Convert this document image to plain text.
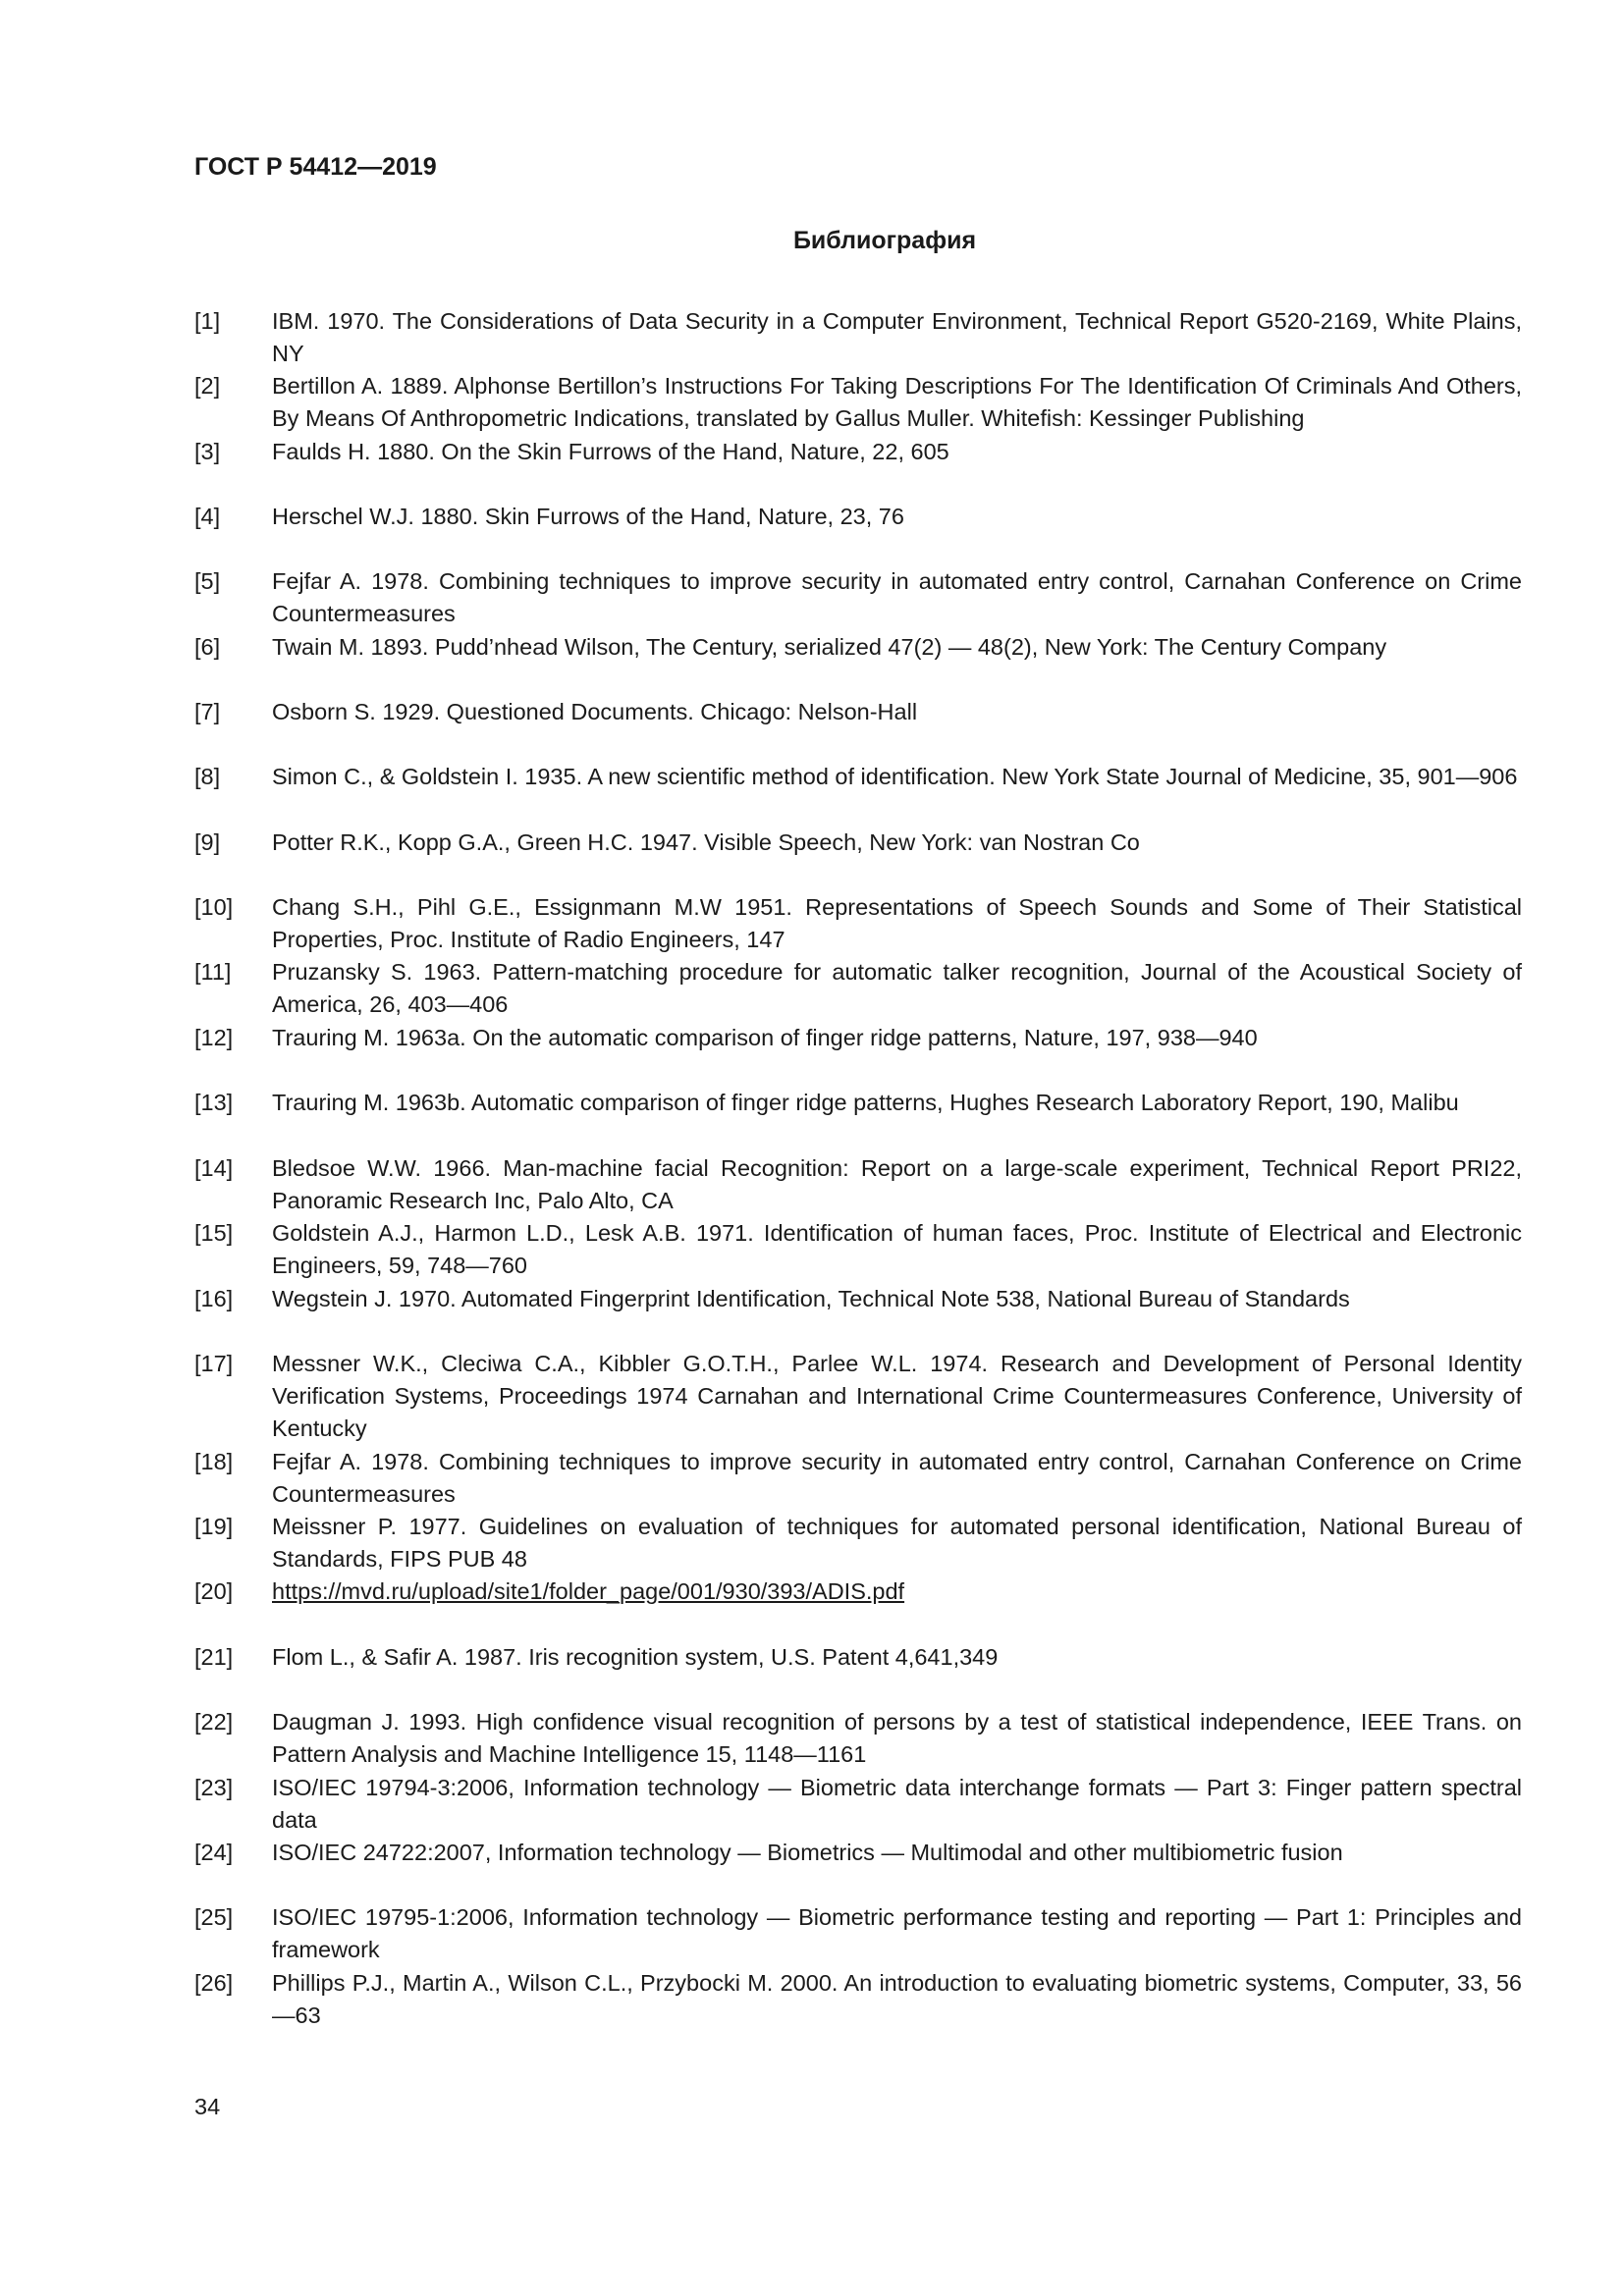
ГОСТ Р 54412—2019
Библиография
[1] IBM. 1970. The Considerations of Data Security in a Computer Environment, Technical Report G520-2169, White Plains, NY
[2] Bertillon A. 1889. Alphonse Bertillon’s Instructions For Taking Descriptions For The Identification Of Criminals And Others, By Means Of Anthropometric Indications, translated by Gallus Muller. Whitefish: Kessinger Publishing
[3] Faulds H. 1880. On the Skin Furrows of the Hand, Nature, 22, 605
[4] Herschel W.J. 1880. Skin Furrows of the Hand, Nature, 23, 76
[5] Fejfar A. 1978. Combining techniques to improve security in automated entry control, Carnahan Conference on Crime Countermeasures
[6] Twain M. 1893. Pudd’nhead Wilson, The Century, serialized 47(2) — 48(2), New York: The Century Company
[7] Osborn S. 1929. Questioned Documents. Chicago: Nelson-Hall
[8] Simon C., & Goldstein I. 1935. A new scientific method of identification. New York State Journal of Medicine, 35, 901—906
[9] Potter R.K., Kopp G.A., Green H.C. 1947. Visible Speech, New York: van Nostran Co
[10] Chang S.H., Pihl G.E., Essignmann M.W 1951. Representations of Speech Sounds and Some of Their Statistical Properties, Proc. Institute of Radio Engineers, 147
[11] Pruzansky S. 1963. Pattern-matching procedure for automatic talker recognition, Journal of the Acoustical Society of America, 26, 403—406
[12] Trauring M. 1963a. On the automatic comparison of finger ridge patterns, Nature, 197, 938—940
[13] Trauring M. 1963b. Automatic comparison of finger ridge patterns, Hughes Research Laboratory Report, 190, Malibu
[14] Bledsoe W.W. 1966. Man-machine facial Recognition: Report on a large-scale experiment, Technical Report PRI22, Panoramic Research Inc, Palo Alto, CA
[15] Goldstein A.J., Harmon L.D., Lesk A.B. 1971. Identification of human faces, Proc. Institute of Electrical and Electronic Engineers, 59, 748—760
[16] Wegstein J. 1970. Automated Fingerprint Identification, Technical Note 538, National Bureau of Standards
[17] Messner W.K., Cleciwa C.A., Kibbler G.O.T.H., Parlee W.L. 1974. Research and Development of Personal Identity Verification Systems, Proceedings 1974 Carnahan and International Crime Countermeasures Conference, University of Kentucky
[18] Fejfar A. 1978. Combining techniques to improve security in automated entry control, Carnahan Conference on Crime Countermeasures
[19] Meissner P. 1977. Guidelines on evaluation of techniques for automated personal identification, National Bureau of Standards, FIPS PUB 48
[20] https://mvd.ru/upload/site1/folder_page/001/930/393/ADIS.pdf
[21] Flom L., & Safir A. 1987. Iris recognition system, U.S. Patent 4,641,349
[22] Daugman J. 1993. High confidence visual recognition of persons by a test of statistical independence, IEEE Trans. on Pattern Analysis and Machine Intelligence 15, 1148—1161
[23] ISO/IEC 19794-3:2006, Information technology — Biometric data interchange formats — Part 3: Finger pattern spectral data
[24] ISO/IEC 24722:2007, Information technology — Biometrics — Multimodal and other multibiometric fusion
[25] ISO/IEC 19795-1:2006, Information technology — Biometric performance testing and reporting — Part 1: Principles and framework
[26] Phillips P.J., Martin A., Wilson C.L., Przybocki M. 2000. An introduction to evaluating biometric systems, Computer, 33, 56—63
34
